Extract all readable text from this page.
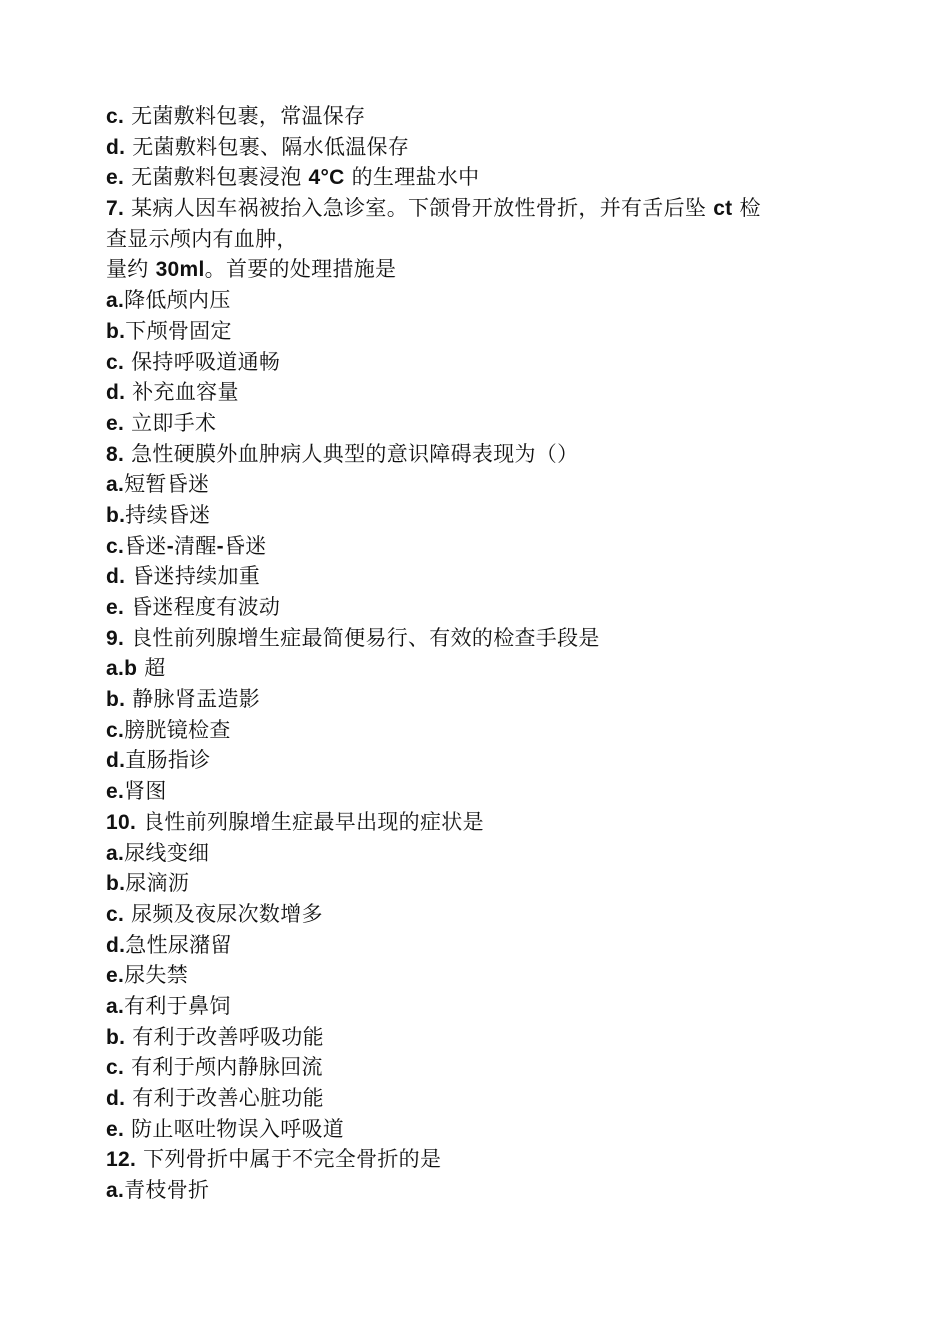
c. 无菌敷料包裹，常温保存
d. 无菌敷料包裹、隔水低温保存
e. 无菌敷料包裹浸泡 4°C 的生理盐水中
7. 某病人因车祸被抬入急诊室。下颌骨开放性骨折，并有舌后坠 ct 检
查显示颅内有血肿，
量约 30ml。首要的处理措施是
a.降低颅内压
b.下颅骨固定
c. 保持呼吸道通畅
d. 补充血容量
e. 立即手术
8. 急性硬膜外血肿病人典型的意识障碍表现为（）
a.短暂昏迷
b.持续昏迷
c.昏迷-清醒-昏迷
d. 昏迷持续加重
e. 昏迷程度有波动
9. 良性前列腺增生症最简便易行、有效的检查手段是
a.b 超
b. 静脉肾盂造影
c.膀胱镜检查
d.直肠指诊
e.肾图
10. 良性前列腺增生症最早出现的症状是
a.尿线变细
b.尿滴沥
c. 尿频及夜尿次数增多
d.急性尿潴留
e.尿失禁
a.有利于鼻饲
b. 有利于改善呼吸功能
c. 有利于颅内静脉回流
d. 有利于改善心脏功能
e. 防止呕吐物误入呼吸道
12. 下列骨折中属于不完全骨折的是
a.青枝骨折
